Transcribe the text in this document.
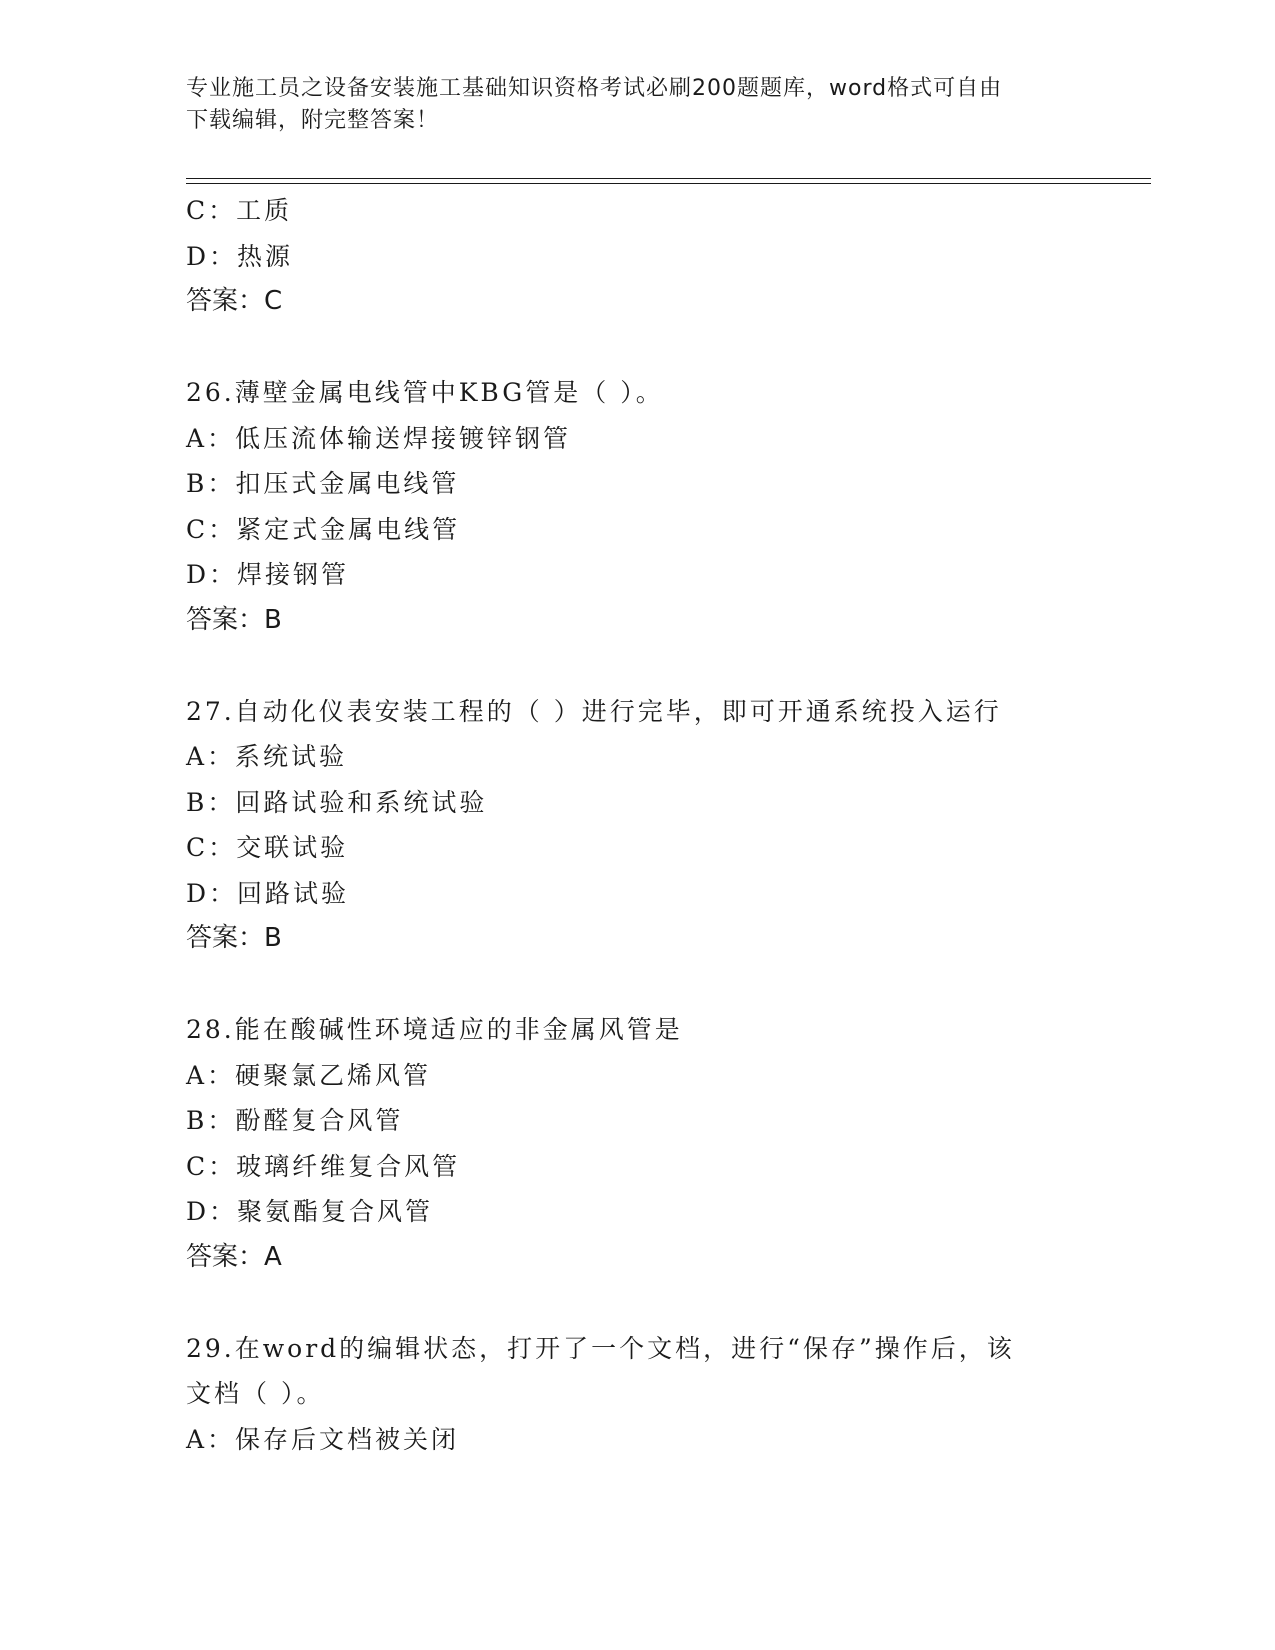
专业施工员之设备安装施工基础知识资格考试必刷200题题库，word格式可自由
下载编辑，附完整答案！
C：工质
D：热源
答案：C
26.薄壁金属电线管中KBG管是（ ）。
A：低压流体输送焊接镀锌钢管
B：扣压式金属电线管
C：紧定式金属电线管
D：焊接钢管
答案：B
27.自动化仪表安装工程的（ ）进行完毕，即可开通系统投入运行
A：系统试验
B：回路试验和系统试验
C：交联试验
D：回路试验
答案：B
28.能在酸碱性环境适应的非金属风管是
A：硬聚氯乙烯风管
B：酚醛复合风管
C：玻璃纤维复合风管
D：聚氨酯复合风管
答案：A
29.在word的编辑状态，打开了一个文档，进行“保存”操作后，该
文档（ ）。
A：保存后文档被关闭
